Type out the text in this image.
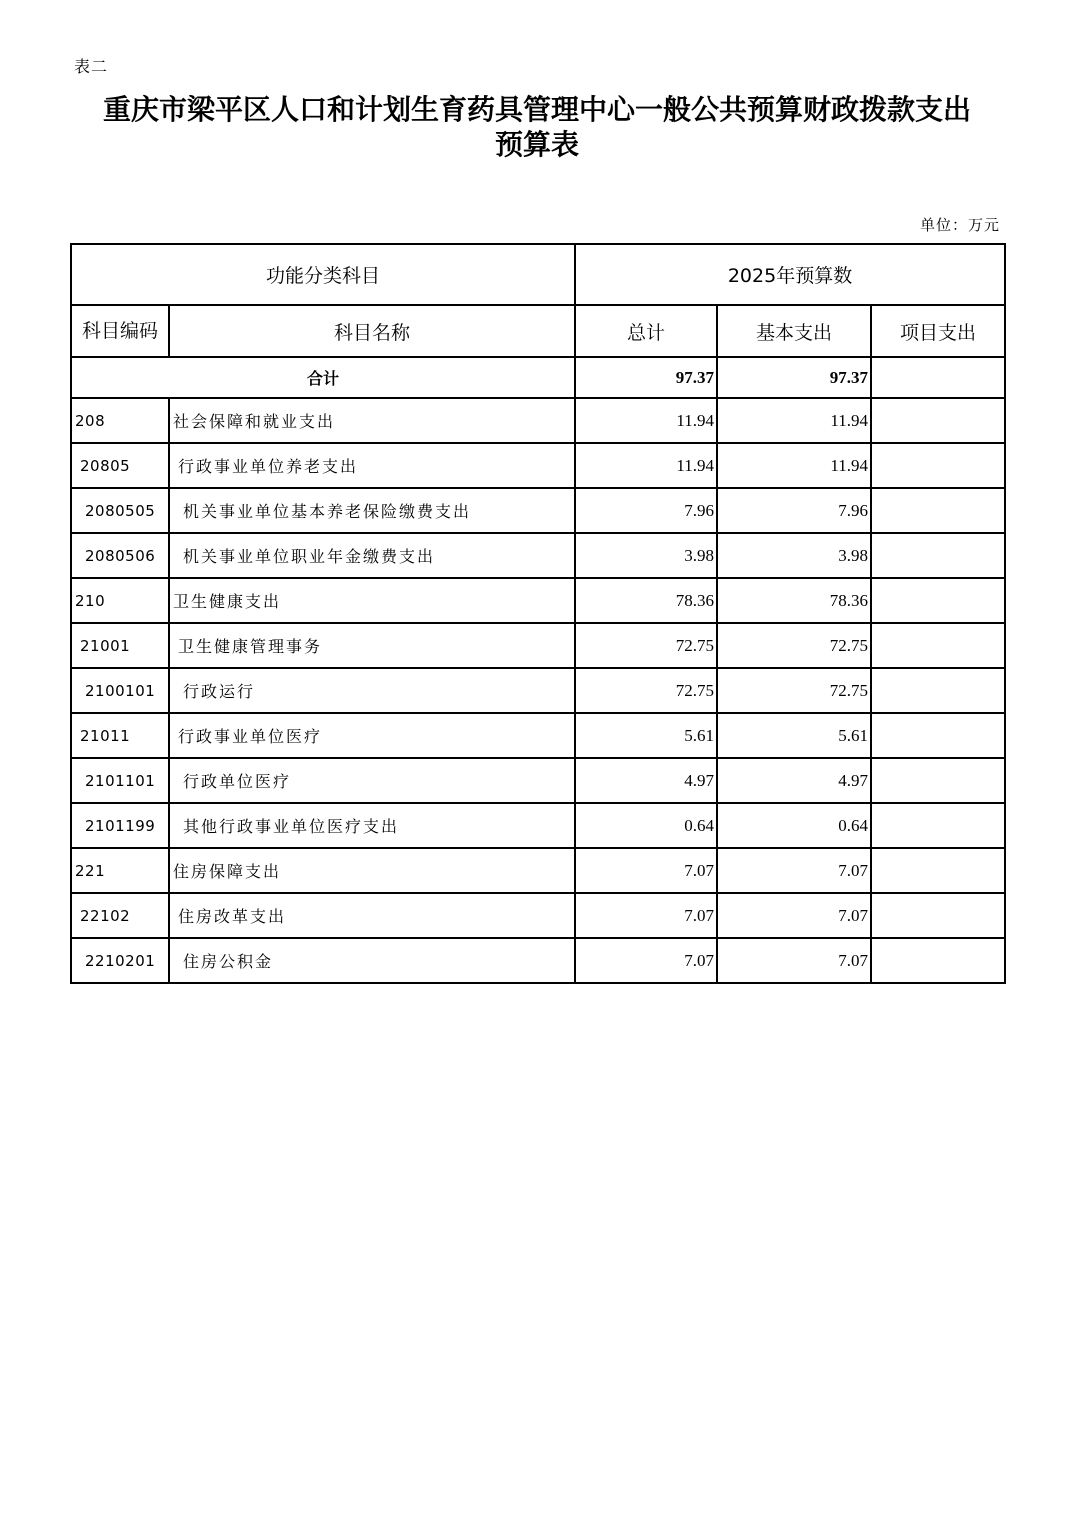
表二
重庆市梁平区人口和计划生育药具管理中心一般公共预算财政拨款支出
预算表
单位：万元
功能分类科目		2025年预算数		
科目编码	科目名称	总计	基本支出	项目支出
合计		97.37	97.37	
208	社会保障和就业支出	11.94	11.94	
20805	行政事业单位养老支出	11.94	11.94	
2080505	机关事业单位基本养老保险缴费支出	7.96	7.96	
2080506	机关事业单位职业年金缴费支出	3.98	3.98	
210	卫生健康支出	78.36	78.36	
21001	卫生健康管理事务	72.75	72.75	
2100101	行政运行	72.75	72.75	
21011	行政事业单位医疗	5.61	5.61	
2101101	行政单位医疗	4.97	4.97	
2101199	其他行政事业单位医疗支出	0.64	0.64	
221	住房保障支出	7.07	7.07	
22102	住房改革支出	7.07	7.07	
2210201	住房公积金	7.07	7.07	
